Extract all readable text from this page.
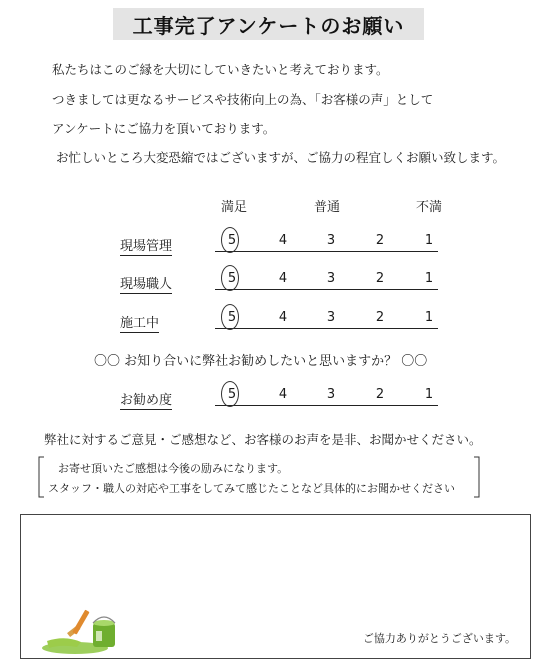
工事完了アンケートのお願い
私たちはこのご縁を大切にしていきたいと考えております。
つきましては更なるサービスや技術向上の為、「お客様の声」として
アンケートにご協力を頂いております。
お忙しいところ大変恐縮ではございますが、ご協力の程宜しくお願い致します。
満足	普通	不満
現場管理	5	4	3	2	1
現場職人	5	4	3	2	1
施工中	5	4	3	2	1
〇〇 お知り合いに弊社お勧めしたいと思いますか？ 〇〇
お勧め度	5	4	3	2	1
弊社に対するご意見・ご感想など、お客様のお声を是非、お聞かせください。
お寄せ頂いたご感想は今後の励みになります。
スタッフ・職人の対応や工事をしてみて感じたことなど具体的にお聞かせください
ご協力ありがとうございます。
